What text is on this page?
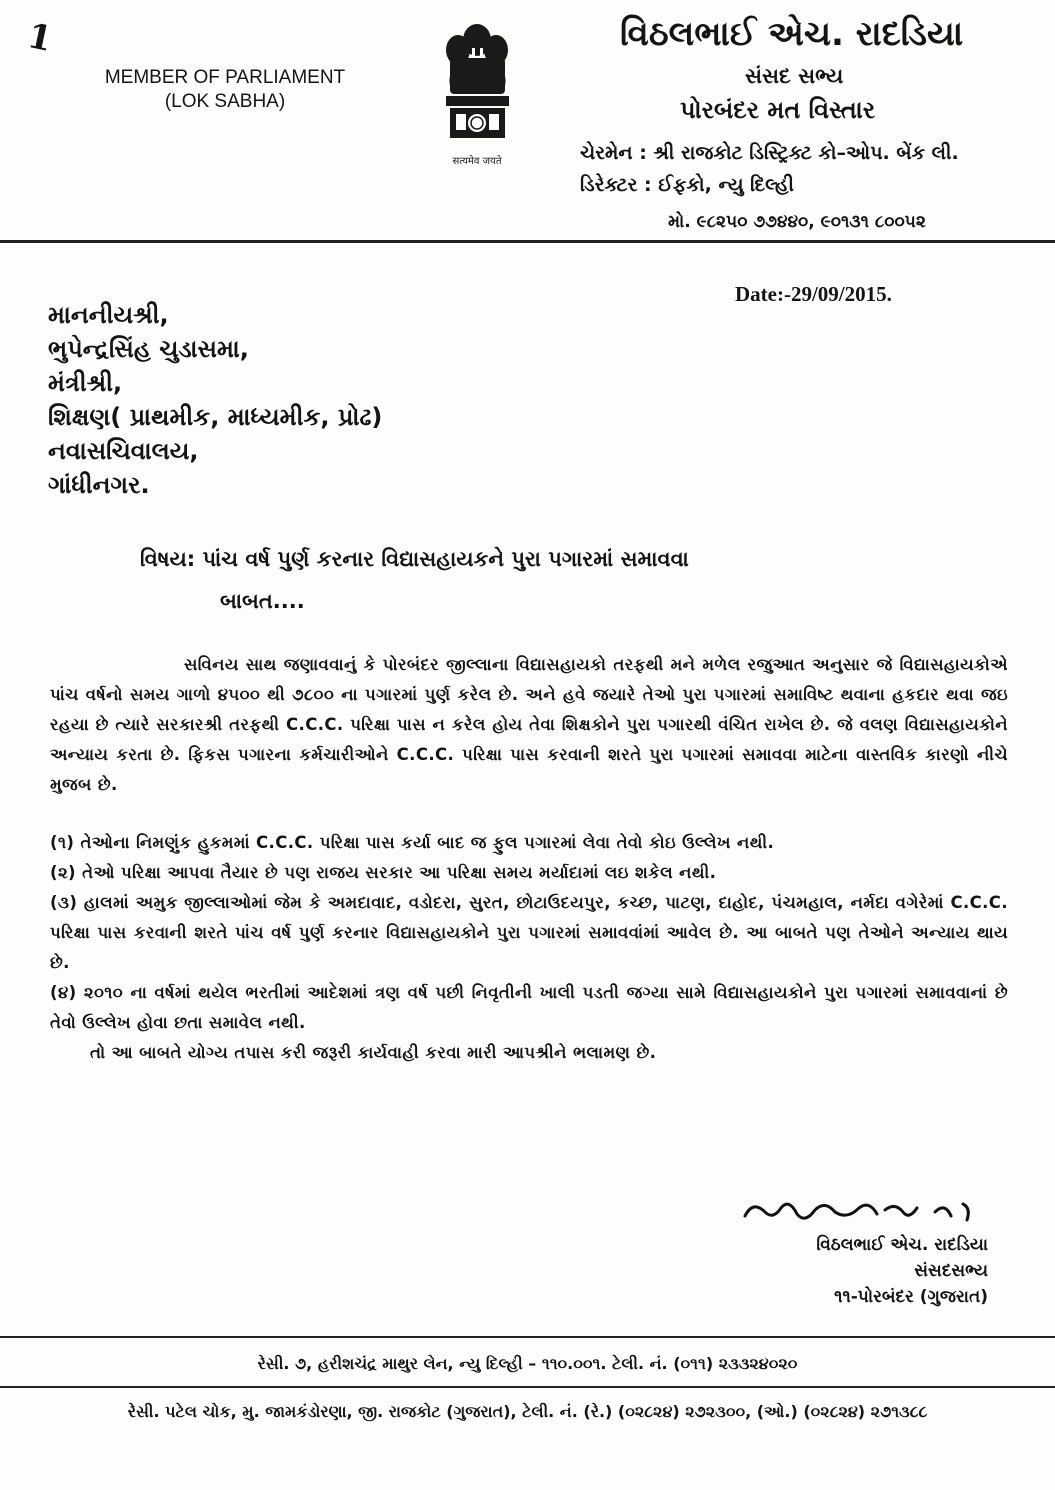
1
MEMBER OF PARLIAMENT
(LOK SABHA)
सत्यमेव जयते
વિઠલભાઈ એચ. રાદડિયા
સંસદ સભ્ય
પોરબંદર મત વિસ્તાર
ચેરમેન : શ્રી રાજકોટ ડિસ્ટ્રિક્ટ કો–ઓપ. બેંક લી.
ડિરેક્ટર : ઈફકો, ન્યુ દિલ્હી
મો. ૯૮૨૫૦ ૭૭૪૪૦, ૯૦૧૩૧ ૮૦૦૫૨
Date:-29/09/2015.
માનનીયશ્રી,
ભુપેન્દ્રસિંહ ચુડાસમા,
મંત્રીશ્રી,
શિક્ષણ( પ્રાથમીક, માધ્યમીક, પ્રોઢ)
નવાસચિવાલય,
ગાંધીનગર.
વિષય: પાંચ વર્ષ પુર્ણ કરનાર વિદ્યાસહાયકને પુરા પગારમાં સમાવવા
બાબત....

સવિનય સાથ જણાવવાનું કે પોરબંદર જીલ્લાના વિદ્યાસહાયકો તરફથી મને મળેલ રજુઆત અનુસાર જે વિદ્યાસહાયકોએ પાંચ વર્ષનો સમય ગાળો ૪૫૦૦ થી ૭૮૦૦ ના પગારમાં પુર્ણ કરેલ છે. અને હવે જયારે તેઓ પુરા પગારમાં સમાવિષ્ટ થવાના હકદાર થવા જઇ રહયા છે ત્યારે સરકારશ્રી તરફથી C.C.C. પરિક્ષા પાસ ન કરેલ હોય તેવા શિક્ષકોને પુરા પગારથી વંચિત રાખેલ છે. જે વલણ વિદ્યાસહાયકોને અન્યાય કરતા છે. ફિકસ પગારના કર્મચારીઓને C.C.C. પરિક્ષા પાસ કરવાની શરતે પુરા પગારમાં સમાવવા માટેના વાસ્તવિક કારણો નીચે મુજબ છે.

(૧) તેઓના નિમણુંક હુકમમાં C.C.C. પરિક્ષા પાસ કર્યા બાદ જ ફુલ પગારમાં લેવા તેવો કોઇ ઉલ્લેખ નથી.

(૨) તેઓ પરિક્ષા આપવા તૈયાર છે પણ રાજય સરકાર આ પરિક્ષા સમય મર્યાદામાં લઇ શકેલ નથી.

(૩) હાલમાં અમુક જીલ્લાઓમાં જેમ કે અમદાવાદ, વડોદરા, સુરત, છોટાઉદયપુર, કચ્છ, પાટણ, દાહોદ, પંચમહાલ, નર્મદા વગેરેમાં C.C.C. પરિક્ષા પાસ કરવાની શરતે પાંચ વર્ષ પુર્ણ કરનાર વિદ્યાસહાયકોને પુરા પગારમાં સમાવવાંમાં આવેલ છે. આ બાબતે પણ તેઓને અન્યાય થાય છે.

(૪) ૨૦૧૦ ના વર્ષમાં થયેલ ભરતીમાં આદેશમાં ત્રણ વર્ષ પછી નિવૃતીની ખાલી પડતી જગ્યા સામે વિદ્યાસહાયકોને પુરા પગારમાં સમાવવાનાં છે તેવો ઉલ્લેખ હોવા છતા સમાવેલ નથી.

તો આ બાબતે યોગ્ય તપાસ કરી જરૂરી કાર્યવાહી કરવા મારી આપશ્રીને ભલામણ છે.

વિઠલભાઈ એચ. રાદડિયા
સંસદસભ્ય
૧૧-પોરબંદર (ગુજરાત)
રેસી. ૭, હરીશચંદ્ર માથુર લેન, ન્યુ દિલ્હી – ૧૧૦.૦૦૧. ટેલી. નં. (૦૧૧) ૨૩૩૨૪૦૨૦
રેસી. પટેલ ચોક, મુ. જામકંડોરણા, જી. રાજકોટ (ગુજરાત), ટેલી. નં. (રે.) (૦૨૮૨૪) ૨૭૨૩૦૦, (ઓ.) (૦૨૮૨૪) ૨૭૧૩૮૮
